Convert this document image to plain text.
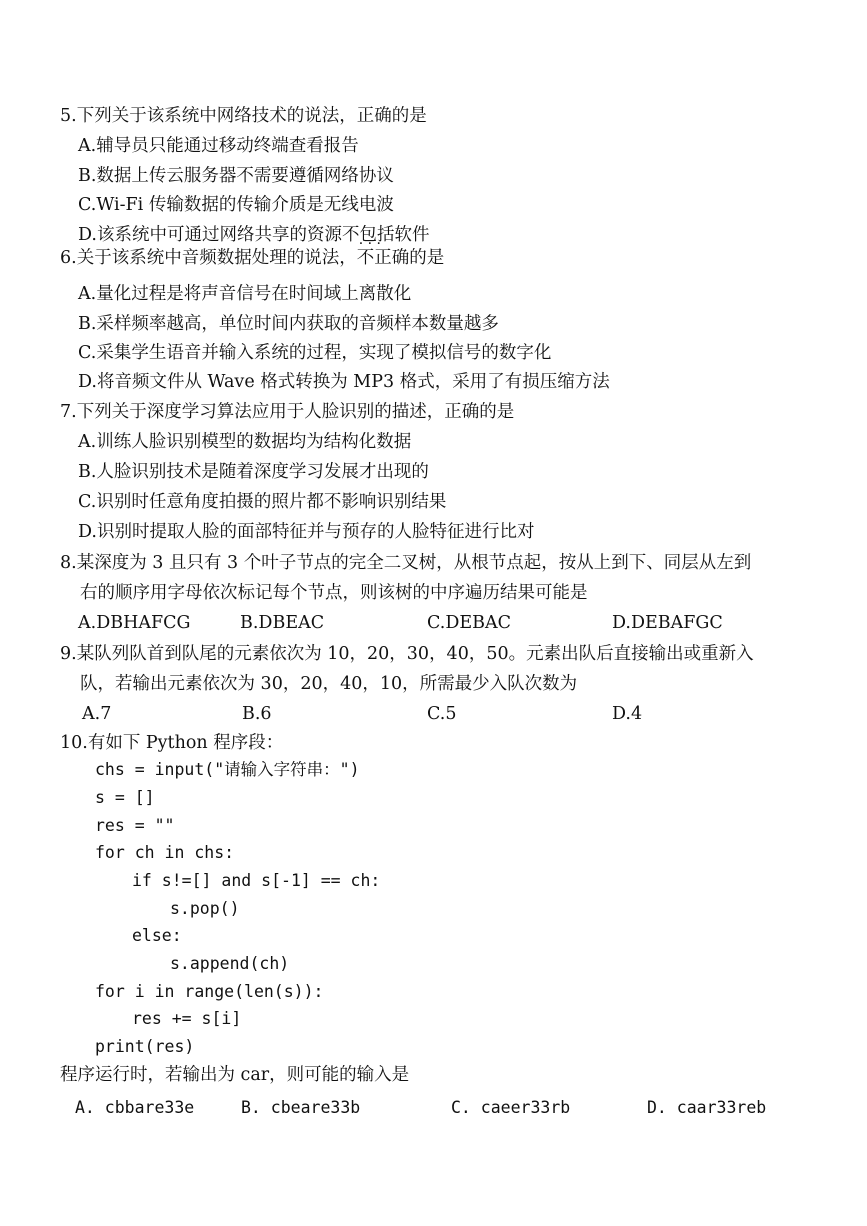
5.下列关于该系统中网络技术的说法，正确的是
A.辅导员只能通过移动终端查看报告
B.数据上传云服务器不需要遵循网络协议
C.Wi-Fi 传输数据的传输介质是无线电波
D.该系统中可通过网络共享的资源不包括软件
6.关于该系统中音频数据处理的说法，· · · 不正确的是
A.量化过程是将声音信号在时间域上离散化
B.采样频率越高，单位时间内获取的音频样本数量越多
C.采集学生语音并输入系统的过程，实现了模拟信号的数字化
D.将音频文件从 Wave 格式转换为 MP3 格式，采用了有损压缩方法
7.下列关于深度学习算法应用于人脸识别的描述，正确的是
A.训练人脸识别模型的数据均为结构化数据
B.人脸识别技术是随着深度学习发展才出现的
C.识别时任意角度拍摄的照片都不影响识别结果
D.识别时提取人脸的面部特征并与预存的人脸特征进行比对
8.某深度为 3 且只有 3 个叶子节点的完全二叉树，从根节点起，按从上到下、同层从左到
右的顺序用字母依次标记每个节点，则该树的中序遍历结果可能是
A.DBHAFCG	B.DBEAC	C.DEBAC	D.DEBAFGC
9.某队列队首到队尾的元素依次为 10，20，30，40，50。元素出队后直接输出或重新入
队，若输出元素依次为 30，20，40，10，所需最少入队次数为
A.7	B.6	C.5	D.4
10.有如下 Python 程序段：
chs = input("请输入字符串：")
s = []
res = ""
for ch in chs:
if s!=[] and s[-1] == ch:
s.pop()
else:
s.append(ch)
for i in range(len(s)):
res += s[i]
print(res)
程序运行时，若输出为 car，则可能的输入是
A. cbbare33e	B. cbeare33b	C. caeer33rb	D. caar33reb
